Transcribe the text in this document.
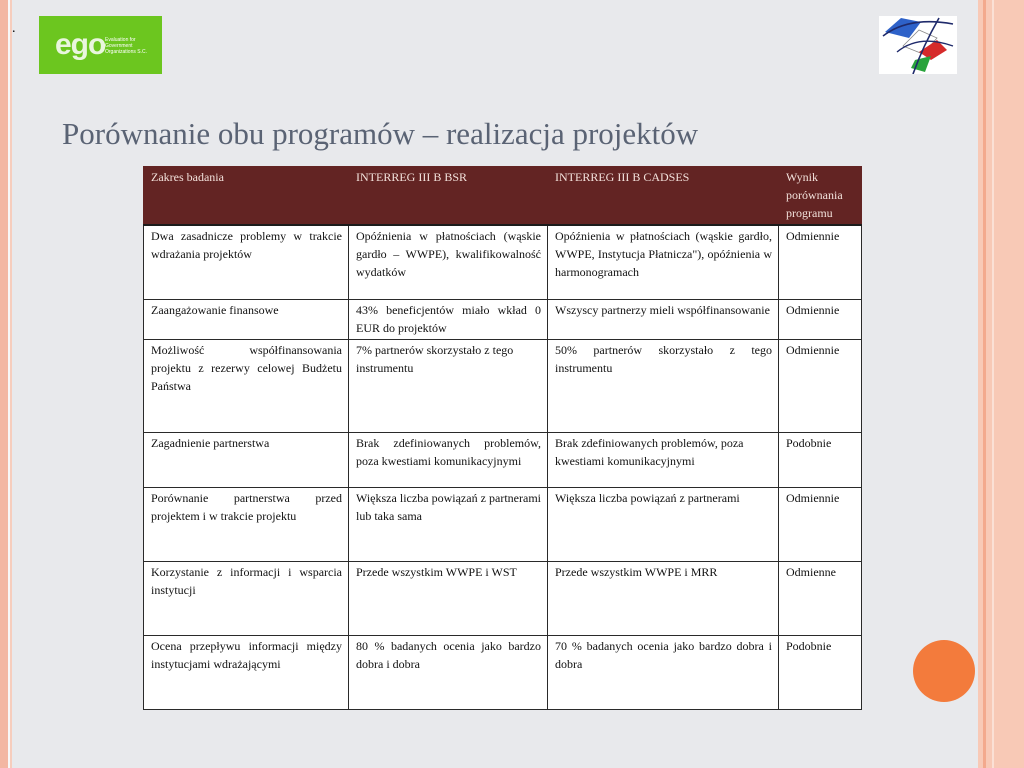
. ego Evaluation for Government Organizations S.C.
Porównanie obu programów – realizacja projektów
Zakres badania	INTERREG III B BSR	INTERREG III B CADSES	Wynik porównania programu
Dwa zasadnicze problemy w trakcie wdrażania projektów	Opóźnienia w płatnościach (wąskie gardło – WWPE), kwalifikowalność wydatków	Opóźnienia w płatnościach (wąskie gardło, WWPE, Instytucja Płatnicza"), opóźnienia w harmonogramach	Odmiennie
Zaangażowanie finansowe	43% beneficjentów miało wkład 0 EUR do projektów	Wszyscy partnerzy mieli współfinansowanie	Odmiennie
Możliwość współfinansowania projektu z rezerwy celowej Budżetu Państwa	7% partnerów skorzystało z tego instrumentu	50% partnerów skorzystało z tego instrumentu	Odmiennie
Zagadnienie partnerstwa	Brak zdefiniowanych problemów, poza kwestiami komunikacyjnymi	Brak zdefiniowanych problemów, poza kwestiami komunikacyjnymi	Podobnie
Porównanie partnerstwa przed projektem i w trakcie projektu	Większa liczba powiązań z partnerami lub taka sama	Większa liczba powiązań z partnerami	Odmiennie
Korzystanie z informacji i wsparcia instytucji	Przede wszystkim WWPE i WST	Przede wszystkim WWPE i MRR	Odmienne
Ocena przepływu informacji między instytucjami wdrażającymi	80 % badanych ocenia jako bardzo dobra i dobra	70 % badanych ocenia jako bardzo dobra i dobra	Podobnie
